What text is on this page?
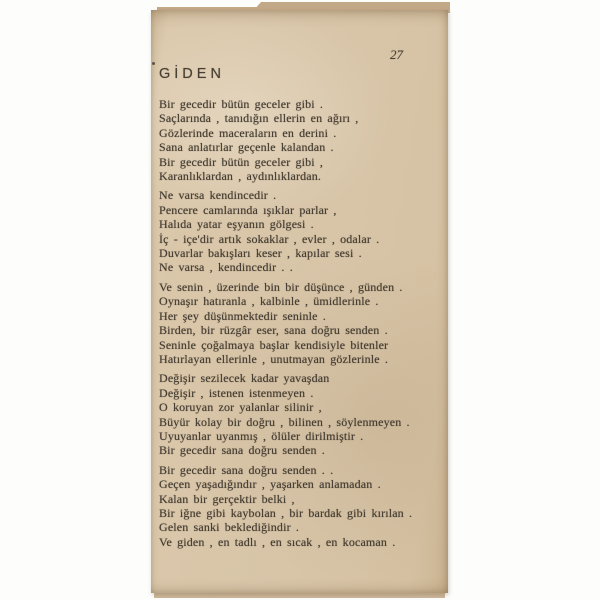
27
GİDEN
Bir gecedir bütün geceler gibi .
Saçlarında , tanıdığın ellerin en ağırı ,
Gözlerinde maceraların en derini .
Sana anlatırlar geçenle kalandan .
Bir gecedir bütün geceler gibi ,
Karanlıklardan , aydınlıklardan.
Ne varsa kendincedir .
Pencere camlarında ışıklar parlar ,
Halıda yatar eşyanın gölgesi .
İç - içe'dir artık sokaklar , evler , odalar .
Duvarlar bakışları keser , kapılar sesi .
Ne varsa , kendincedir . .
Ve senin , üzerinde bin bir düşünce , günden .
Oynaşır hatıranla , kalbinle , ümidlerinle .
Her şey düşünmektedir seninle .
Birden, bir rüzgâr eser, sana doğru senden .
Seninle çoğalmaya başlar kendisiyle bitenler
Hatırlayan ellerinle , unutmayan gözlerinle .
Değişir sezilecek kadar yavaşdan
Değişir , istenen istenmeyen .
O koruyan zor yalanlar silinir ,
Büyür kolay bir doğru , bilinen , söylenmeyen .
Uyuyanlar uyanmış , ölüler dirilmiştir .
Bir gecedir sana doğru senden .
Bir gecedir sana doğru senden . .
Geçen yaşadığındır , yaşarken anlamadan .
Kalan bir gerçektir belki ,
Bir iğne gibi kaybolan , bir bardak gibi kırılan .
Gelen sanki beklediğindir .
Ve giden , en tadlı , en sıcak , en kocaman .
